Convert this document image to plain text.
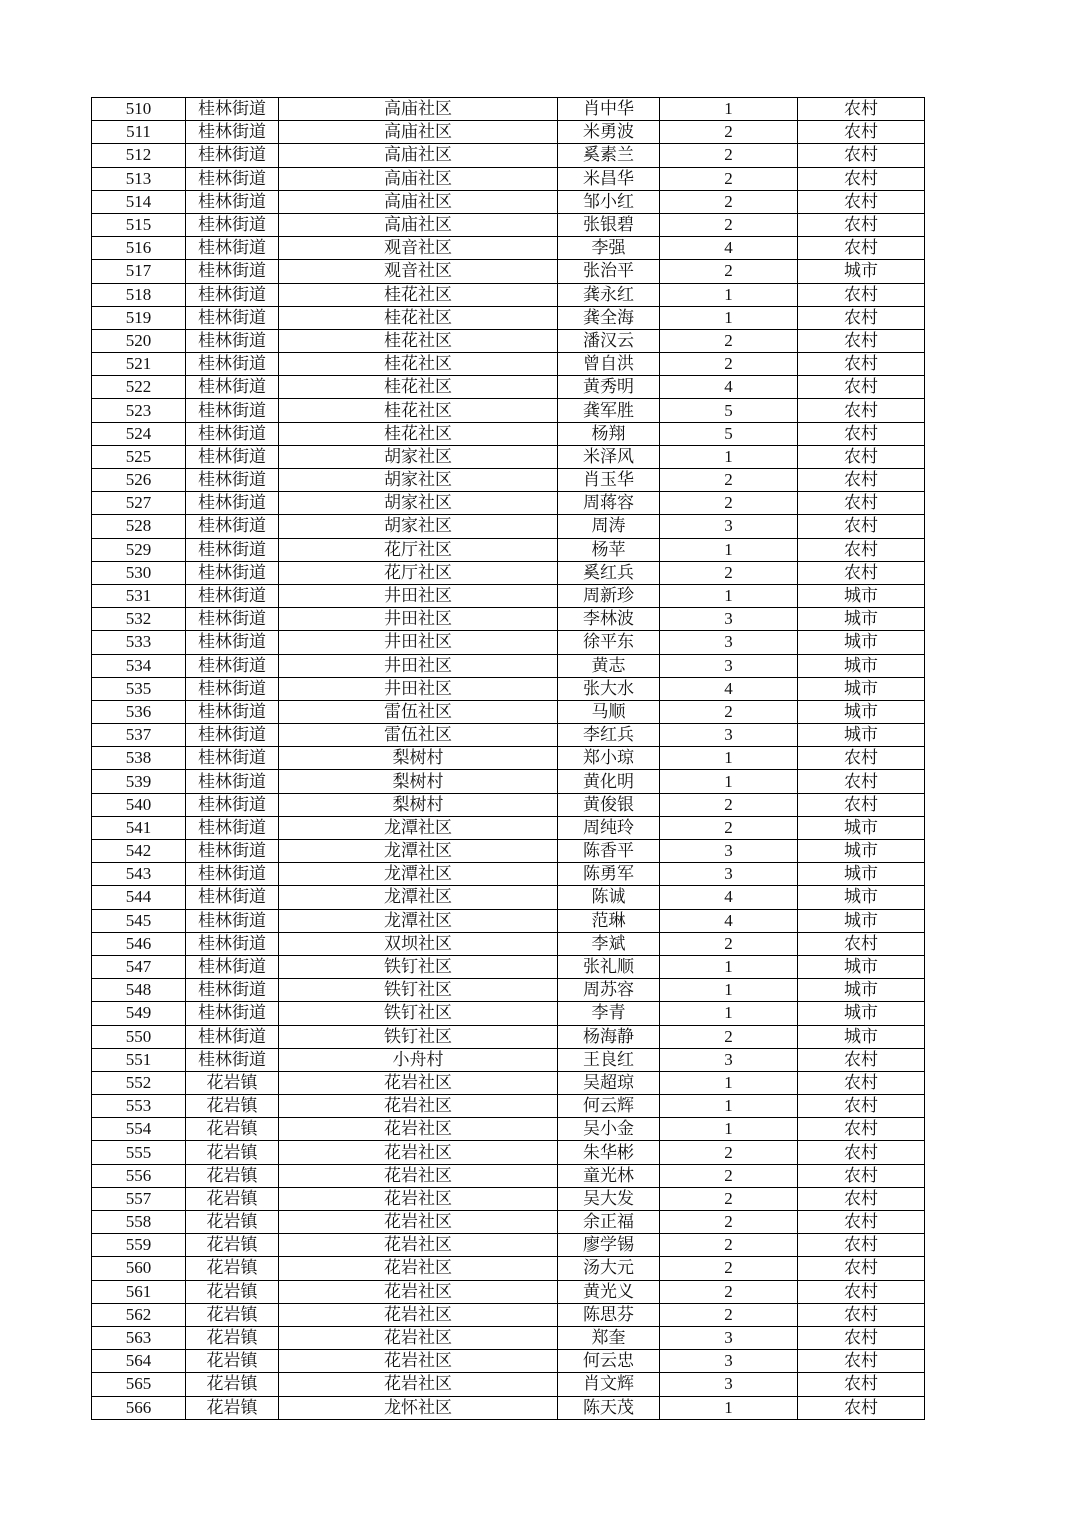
510	桂林街道	高庙社区	肖中华	1	农村
511	桂林街道	高庙社区	米勇波	2	农村
512	桂林街道	高庙社区	奚素兰	2	农村
513	桂林街道	高庙社区	米昌华	2	农村
514	桂林街道	高庙社区	邹小红	2	农村
515	桂林街道	高庙社区	张银碧	2	农村
516	桂林街道	观音社区	李强	4	农村
517	桂林街道	观音社区	张治平	2	城市
518	桂林街道	桂花社区	龚永红	1	农村
519	桂林街道	桂花社区	龚全海	1	农村
520	桂林街道	桂花社区	潘汉云	2	农村
521	桂林街道	桂花社区	曾自洪	2	农村
522	桂林街道	桂花社区	黄秀明	4	农村
523	桂林街道	桂花社区	龚军胜	5	农村
524	桂林街道	桂花社区	杨翔	5	农村
525	桂林街道	胡家社区	米泽风	1	农村
526	桂林街道	胡家社区	肖玉华	2	农村
527	桂林街道	胡家社区	周蒋容	2	农村
528	桂林街道	胡家社区	周涛	3	农村
529	桂林街道	花厅社区	杨苹	1	农村
530	桂林街道	花厅社区	奚红兵	2	农村
531	桂林街道	井田社区	周新珍	1	城市
532	桂林街道	井田社区	李林波	3	城市
533	桂林街道	井田社区	徐平东	3	城市
534	桂林街道	井田社区	黄志	3	城市
535	桂林街道	井田社区	张大水	4	城市
536	桂林街道	雷伍社区	马顺	2	城市
537	桂林街道	雷伍社区	李红兵	3	城市
538	桂林街道	梨树村	郑小琼	1	农村
539	桂林街道	梨树村	黄化明	1	农村
540	桂林街道	梨树村	黄俊银	2	农村
541	桂林街道	龙潭社区	周纯玲	2	城市
542	桂林街道	龙潭社区	陈香平	3	城市
543	桂林街道	龙潭社区	陈勇军	3	城市
544	桂林街道	龙潭社区	陈诚	4	城市
545	桂林街道	龙潭社区	范琳	4	城市
546	桂林街道	双坝社区	李斌	2	农村
547	桂林街道	铁钉社区	张礼顺	1	城市
548	桂林街道	铁钉社区	周苏容	1	城市
549	桂林街道	铁钉社区	李青	1	城市
550	桂林街道	铁钉社区	杨海静	2	城市
551	桂林街道	小舟村	王良红	3	农村
552	花岩镇	花岩社区	吴超琼	1	农村
553	花岩镇	花岩社区	何云辉	1	农村
554	花岩镇	花岩社区	吴小金	1	农村
555	花岩镇	花岩社区	朱华彬	2	农村
556	花岩镇	花岩社区	童光林	2	农村
557	花岩镇	花岩社区	吴大发	2	农村
558	花岩镇	花岩社区	余正福	2	农村
559	花岩镇	花岩社区	廖学锡	2	农村
560	花岩镇	花岩社区	汤大元	2	农村
561	花岩镇	花岩社区	黄光义	2	农村
562	花岩镇	花岩社区	陈思芬	2	农村
563	花岩镇	花岩社区	郑奎	3	农村
564	花岩镇	花岩社区	何云忠	3	农村
565	花岩镇	花岩社区	肖文辉	3	农村
566	花岩镇	龙怀社区	陈天茂	1	农村
